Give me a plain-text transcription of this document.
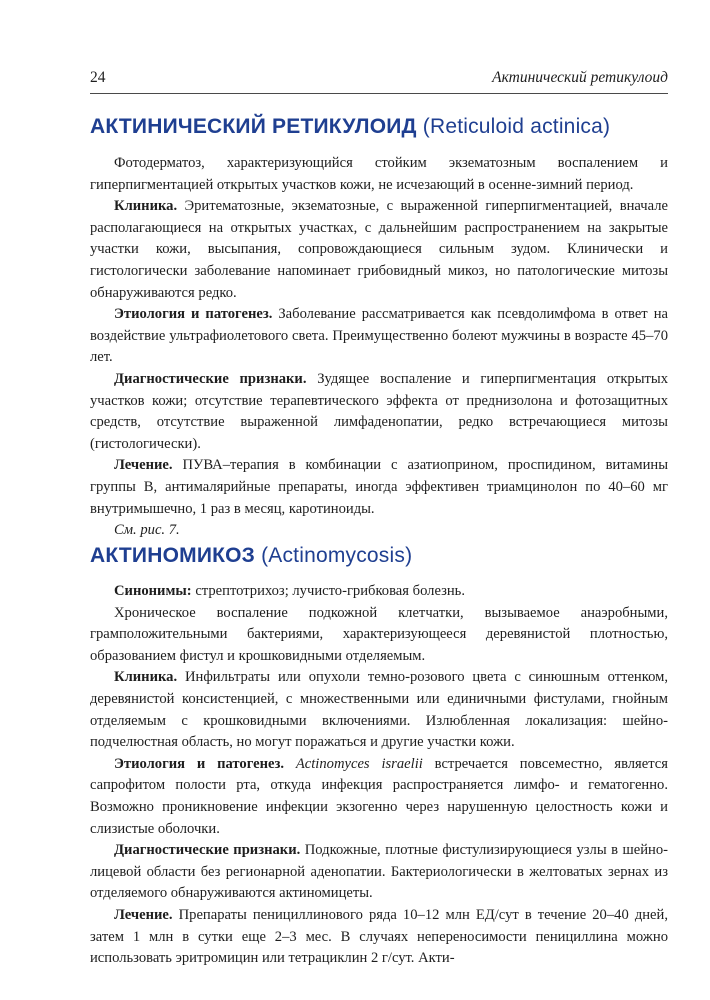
24	Актинический ретикулоид
АКТИНИЧЕСКИЙ РЕТИКУЛОИД (Reticuloid actinica)

Фотодерматоз, характеризующийся стойким экзематозным воспалением и гиперпигментацией открытых участков кожи, не исчезающий в осенне-зимний период.

Клиника. Эритематозные, экзематозные, с выраженной гиперпигментацией, вначале располагающиеся на открытых участках, с дальнейшим распространением на закрытые участки кожи, высыпания, сопровождающиеся сильным зудом. Клинически и гистологически заболевание напоминает грибовидный микоз, но патологические митозы обнаруживаются редко.

Этиология и патогенез. Заболевание рассматривается как псевдолимфома в ответ на воздействие ультрафиолетового света. Преимущественно болеют мужчины в возрасте 45–70 лет.

Диагностические признаки. Зудящее воспаление и гиперпигментация открытых участков кожи; отсутствие терапевтического эффекта от преднизолона и фотозащитных средств, отсутствие выраженной лимфаденопатии, редко встречающиеся митозы (гистологически).

Лечение. ПУВА–терапия в комбинации с азатиоприном, проспидином, витамины группы В, антималярийные препараты, иногда эффективен триамцинолон по 40–60 мг внутримышечно, 1 раз в месяц, каротиноиды.

См. рис. 7.

АКТИНОМИКОЗ (Actinomycosis)

Синонимы: стрептотрихоз; лучисто-грибковая болезнь.

Хроническое воспаление подкожной клетчатки, вызываемое анаэробными, грамположительными бактериями, характеризующееся деревянистой плотностью, образованием фистул и крошковидными отделяемым.

Клиника. Инфильтраты или опухоли темно-розового цвета с синюшным оттенком, деревянистой консистенцией, с множественными или единичными фистулами, гнойным отделяемым с крошковидными включениями. Излюбленная локализация: шейно-подчелюстная область, но могут поражаться и другие участки кожи.

Этиология и патогенез. Actinomyces israelii встречается повсеместно, является сапрофитом полости рта, откуда инфекция распространяется лимфо- и гематогенно. Возможно проникновение инфекции экзогенно через нарушенную целостность кожи и слизистые оболочки.

Диагностические признаки. Подкожные, плотные фистулизирующиеся узлы в шейно-лицевой области без регионарной аденопатии. Бактериологически в желтоватых зернах из отделяемого обнаруживаются актиномицеты.

Лечение. Препараты пенициллинового ряда 10–12 млн ЕД/сут в течение 20–40 дней, затем 1 млн в сутки еще 2–3 мес. В случаях непереносимости пенициллина можно использовать эритромицин или тетрациклин 2 г/сут. Акти-
